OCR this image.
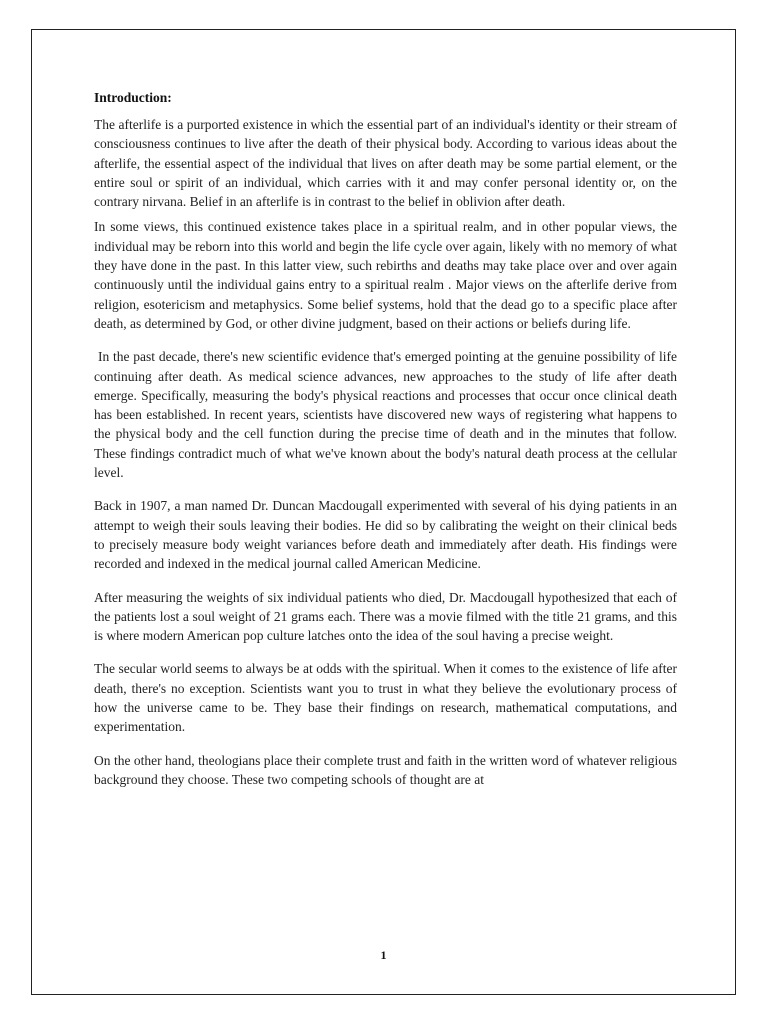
Introduction:

The afterlife is a purported existence in which the essential part of an individual's identity or their stream of consciousness continues to live after the death of their physical body. According to various ideas about the afterlife, the essential aspect of the individual that lives on after death may be some partial element, or the entire soul or spirit of an individual, which carries with it and may confer personal identity or, on the contrary nirvana. Belief in an afterlife is in contrast to the belief in oblivion after death.

In some views, this continued existence takes place in a spiritual realm, and in other popular views, the individual may be reborn into this world and begin the life cycle over again, likely with no memory of what they have done in the past. In this latter view, such rebirths and deaths may take place over and over again continuously until the individual gains entry to a spiritual realm . Major views on the afterlife derive from religion, esotericism and metaphysics. Some belief systems, hold that the dead go to a specific place after death, as determined by God, or other divine judgment, based on their actions or beliefs during life.

In the past decade, there's new scientific evidence that's emerged pointing at the genuine possibility of life continuing after death. As medical science advances, new approaches to the study of life after death emerge. Specifically, measuring the body's physical reactions and processes that occur once clinical death has been established. In recent years, scientists have discovered new ways of registering what happens to the physical body and the cell function during the precise time of death and in the minutes that follow. These findings contradict much of what we've known about the body's natural death process at the cellular level.

Back in 1907, a man named Dr. Duncan Macdougall experimented with several of his dying patients in an attempt to weigh their souls leaving their bodies. He did so by calibrating the weight on their clinical beds to precisely measure body weight variances before death and immediately after death. His findings were recorded and indexed in the medical journal called American Medicine.

After measuring the weights of six individual patients who died, Dr. Macdougall hypothesized that each of the patients lost a soul weight of 21 grams each. There was a movie filmed with the title 21 grams, and this is where modern American pop culture latches onto the idea of the soul having a precise weight.

The secular world seems to always be at odds with the spiritual. When it comes to the existence of life after death, there's no exception. Scientists want you to trust in what they believe the evolutionary process of how the universe came to be. They base their findings on research, mathematical computations, and experimentation.

On the other hand, theologians place their complete trust and faith in the written word of whatever religious background they choose. These two competing schools of thought are at

1
